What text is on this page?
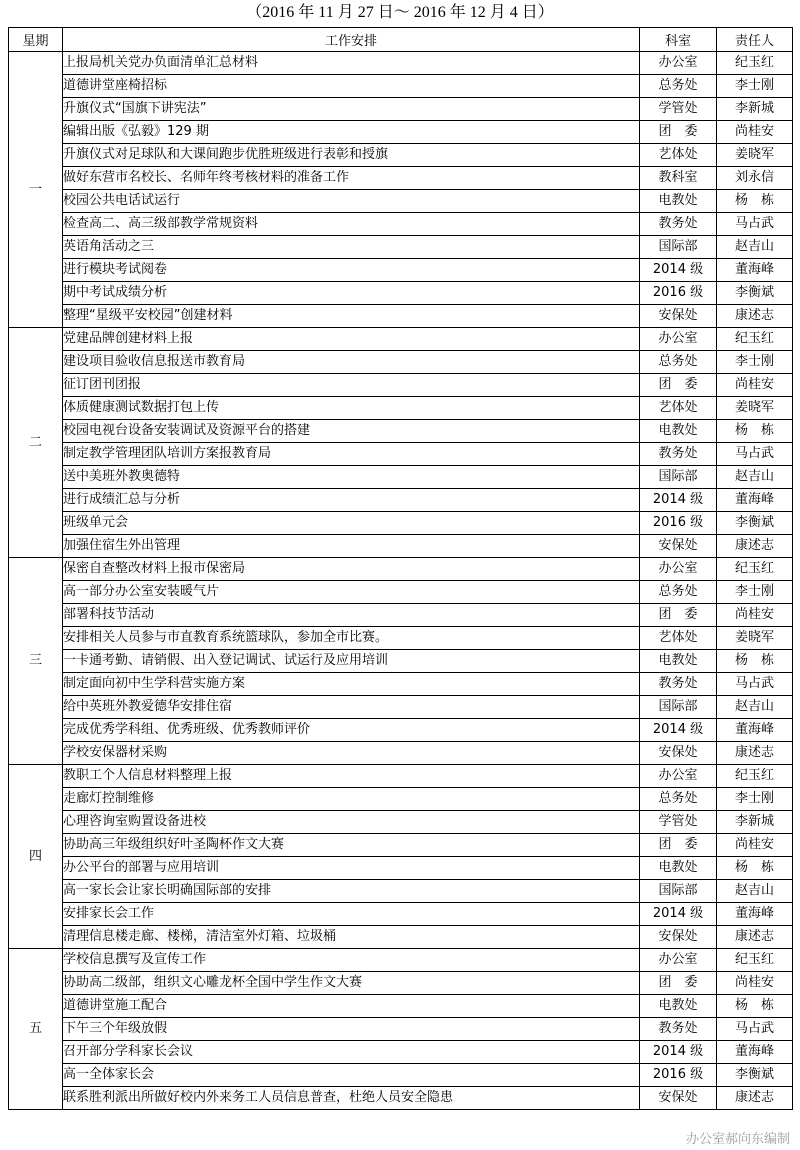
（2016 年 11 月 27 日～ 2016 年 12 月 4 日）
星期	工作安排	科室	责任人
一	上报局机关党办负面清单汇总材料	办公室	纪玉红
	道德讲堂座椅招标	总务处	李士刚
	升旗仪式“国旗下讲宪法”	学管处	李新城
	编辑出版《弘毅》129 期	团　委	尚桂安
	升旗仪式对足球队和大课间跑步优胜班级进行表彰和授旗	艺体处	姜晓军
	做好东营市名校长、名师年终考核材料的准备工作	教科室	刘永信
	校园公共电话试运行	电教处	杨　栋
	检查高二、高三级部教学常规资料	教务处	马占武
	英语角活动之三	国际部	赵吉山
	进行模块考试阅卷	2014 级	董海峰
	期中考试成绩分析	2016 级	李衡斌
	整理“星级平安校园”创建材料	安保处	康述志
二	党建品牌创建材料上报	办公室	纪玉红
	建设项目验收信息报送市教育局	总务处	李士刚
	征订团刊团报	团　委	尚桂安
	体质健康测试数据打包上传	艺体处	姜晓军
	校园电视台设备安装调试及资源平台的搭建	电教处	杨　栋
	制定教学管理团队培训方案报教育局	教务处	马占武
	送中美班外教奥德特	国际部	赵吉山
	进行成绩汇总与分析	2014 级	董海峰
	班级单元会	2016 级	李衡斌
	加强住宿生外出管理	安保处	康述志
三	保密自查整改材料上报市保密局	办公室	纪玉红
	高一部分办公室安装暖气片	总务处	李士刚
	部署科技节活动	团　委	尚桂安
	安排相关人员参与市直教育系统篮球队，参加全市比赛。	艺体处	姜晓军
	一卡通考勤、请销假、出入登记调试、试运行及应用培训	电教处	杨　栋
	制定面向初中生学科营实施方案	教务处	马占武
	给中英班外教爱德华安排住宿	国际部	赵吉山
	完成优秀学科组、优秀班级、优秀教师评价	2014 级	董海峰
	学校安保器材采购	安保处	康述志
四	教职工个人信息材料整理上报	办公室	纪玉红
	走廊灯控制维修	总务处	李士刚
	心理咨询室购置设备进校	学管处	李新城
	协助高三年级组织好叶圣陶杯作文大赛	团　委	尚桂安
	办公平台的部署与应用培训	电教处	杨　栋
	高一家长会让家长明确国际部的安排	国际部	赵吉山
	安排家长会工作	2014 级	董海峰
	清理信息楼走廊、楼梯，清洁室外灯箱、垃圾桶	安保处	康述志
五	学校信息撰写及宣传工作	办公室	纪玉红
	协助高二级部，组织文心雕龙杯全国中学生作文大赛	团　委	尚桂安
	道德讲堂施工配合	电教处	杨　栋
	下午三个年级放假	教务处	马占武
	召开部分学科家长会议	2014 级	董海峰
	高一全体家长会	2016 级	李衡斌
	联系胜利派出所做好校内外来务工人员信息普查，杜绝人员安全隐患	安保处	康述志
办公室郝向东编制
